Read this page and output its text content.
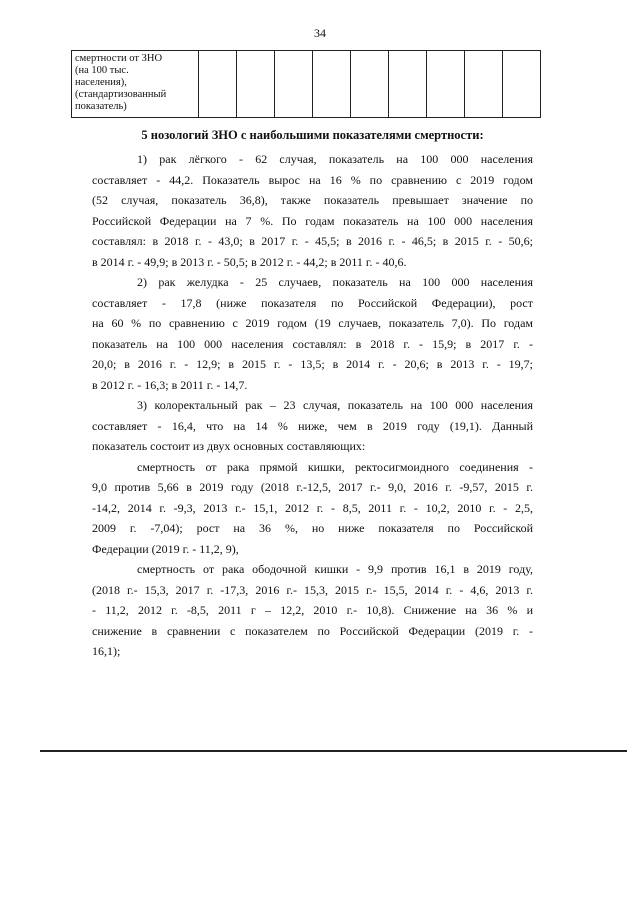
34
смертности от ЗНО
(на 100 тыс.
населения),
(стандартизованный
показатель)

5 нозологий ЗНО с наибольшими показателями смертности:
1) рак лёгкого - 62 случая, показатель на 100 000 населения
составляет - 44,2. Показатель вырос на 16 % по сравнению с 2019 годом
(52 случая, показатель 36,8), также показатель превышает значение по
Российской Федерации на 7 %. По годам показатель на 100 000 населения
составлял: в 2018 г. - 43,0; в 2017 г. - 45,5; в 2016 г. - 46,5; в 2015 г. - 50,6;
в 2014 г. - 49,9; в 2013 г. - 50,5; в 2012 г. - 44,2; в 2011 г. - 40,6.
2) рак желудка - 25 случаев, показатель на 100 000 населения
составляет - 17,8 (ниже показателя по Российской Федерации), рост
на 60 % по сравнению с 2019 годом (19 случаев, показатель 7,0). По годам
показатель на 100 000 населения составлял: в 2018 г. - 15,9; в 2017 г. -
20,0; в 2016 г. - 12,9; в 2015 г. - 13,5; в 2014 г. - 20,6; в 2013 г. - 19,7;
в 2012 г. - 16,3; в 2011 г. - 14,7.
3) колоректальный рак – 23 случая, показатель на 100 000 населения
составляет - 16,4, что на 14 % ниже, чем в 2019 году (19,1). Данный
показатель состоит из двух основных составляющих:
смертность от рака прямой кишки, ректосигмоидного соединения -
9,0 против 5,66 в 2019 году (2018 г.-12,5, 2017 г.- 9,0, 2016 г. -9,57, 2015 г.
-14,2, 2014 г. -9,3, 2013 г.- 15,1, 2012 г. - 8,5, 2011 г. - 10,2, 2010 г. - 2,5,
2009 г. -7,04); рост на 36 %, но ниже показателя по Российской
Федерации (2019 г. - 11,2, 9),
смертность от рака ободочной кишки - 9,9 против 16,1 в 2019 году,
(2018 г.- 15,3, 2017 г. -17,3, 2016 г.- 15,3, 2015 г.- 15,5, 2014 г. - 4,6, 2013 г.
- 11,2, 2012 г. -8,5, 2011 г – 12,2, 2010 г.- 10,8). Снижение на 36 % и
снижение в сравнении с показателем по Российской Федерации (2019 г. -
16,1);
